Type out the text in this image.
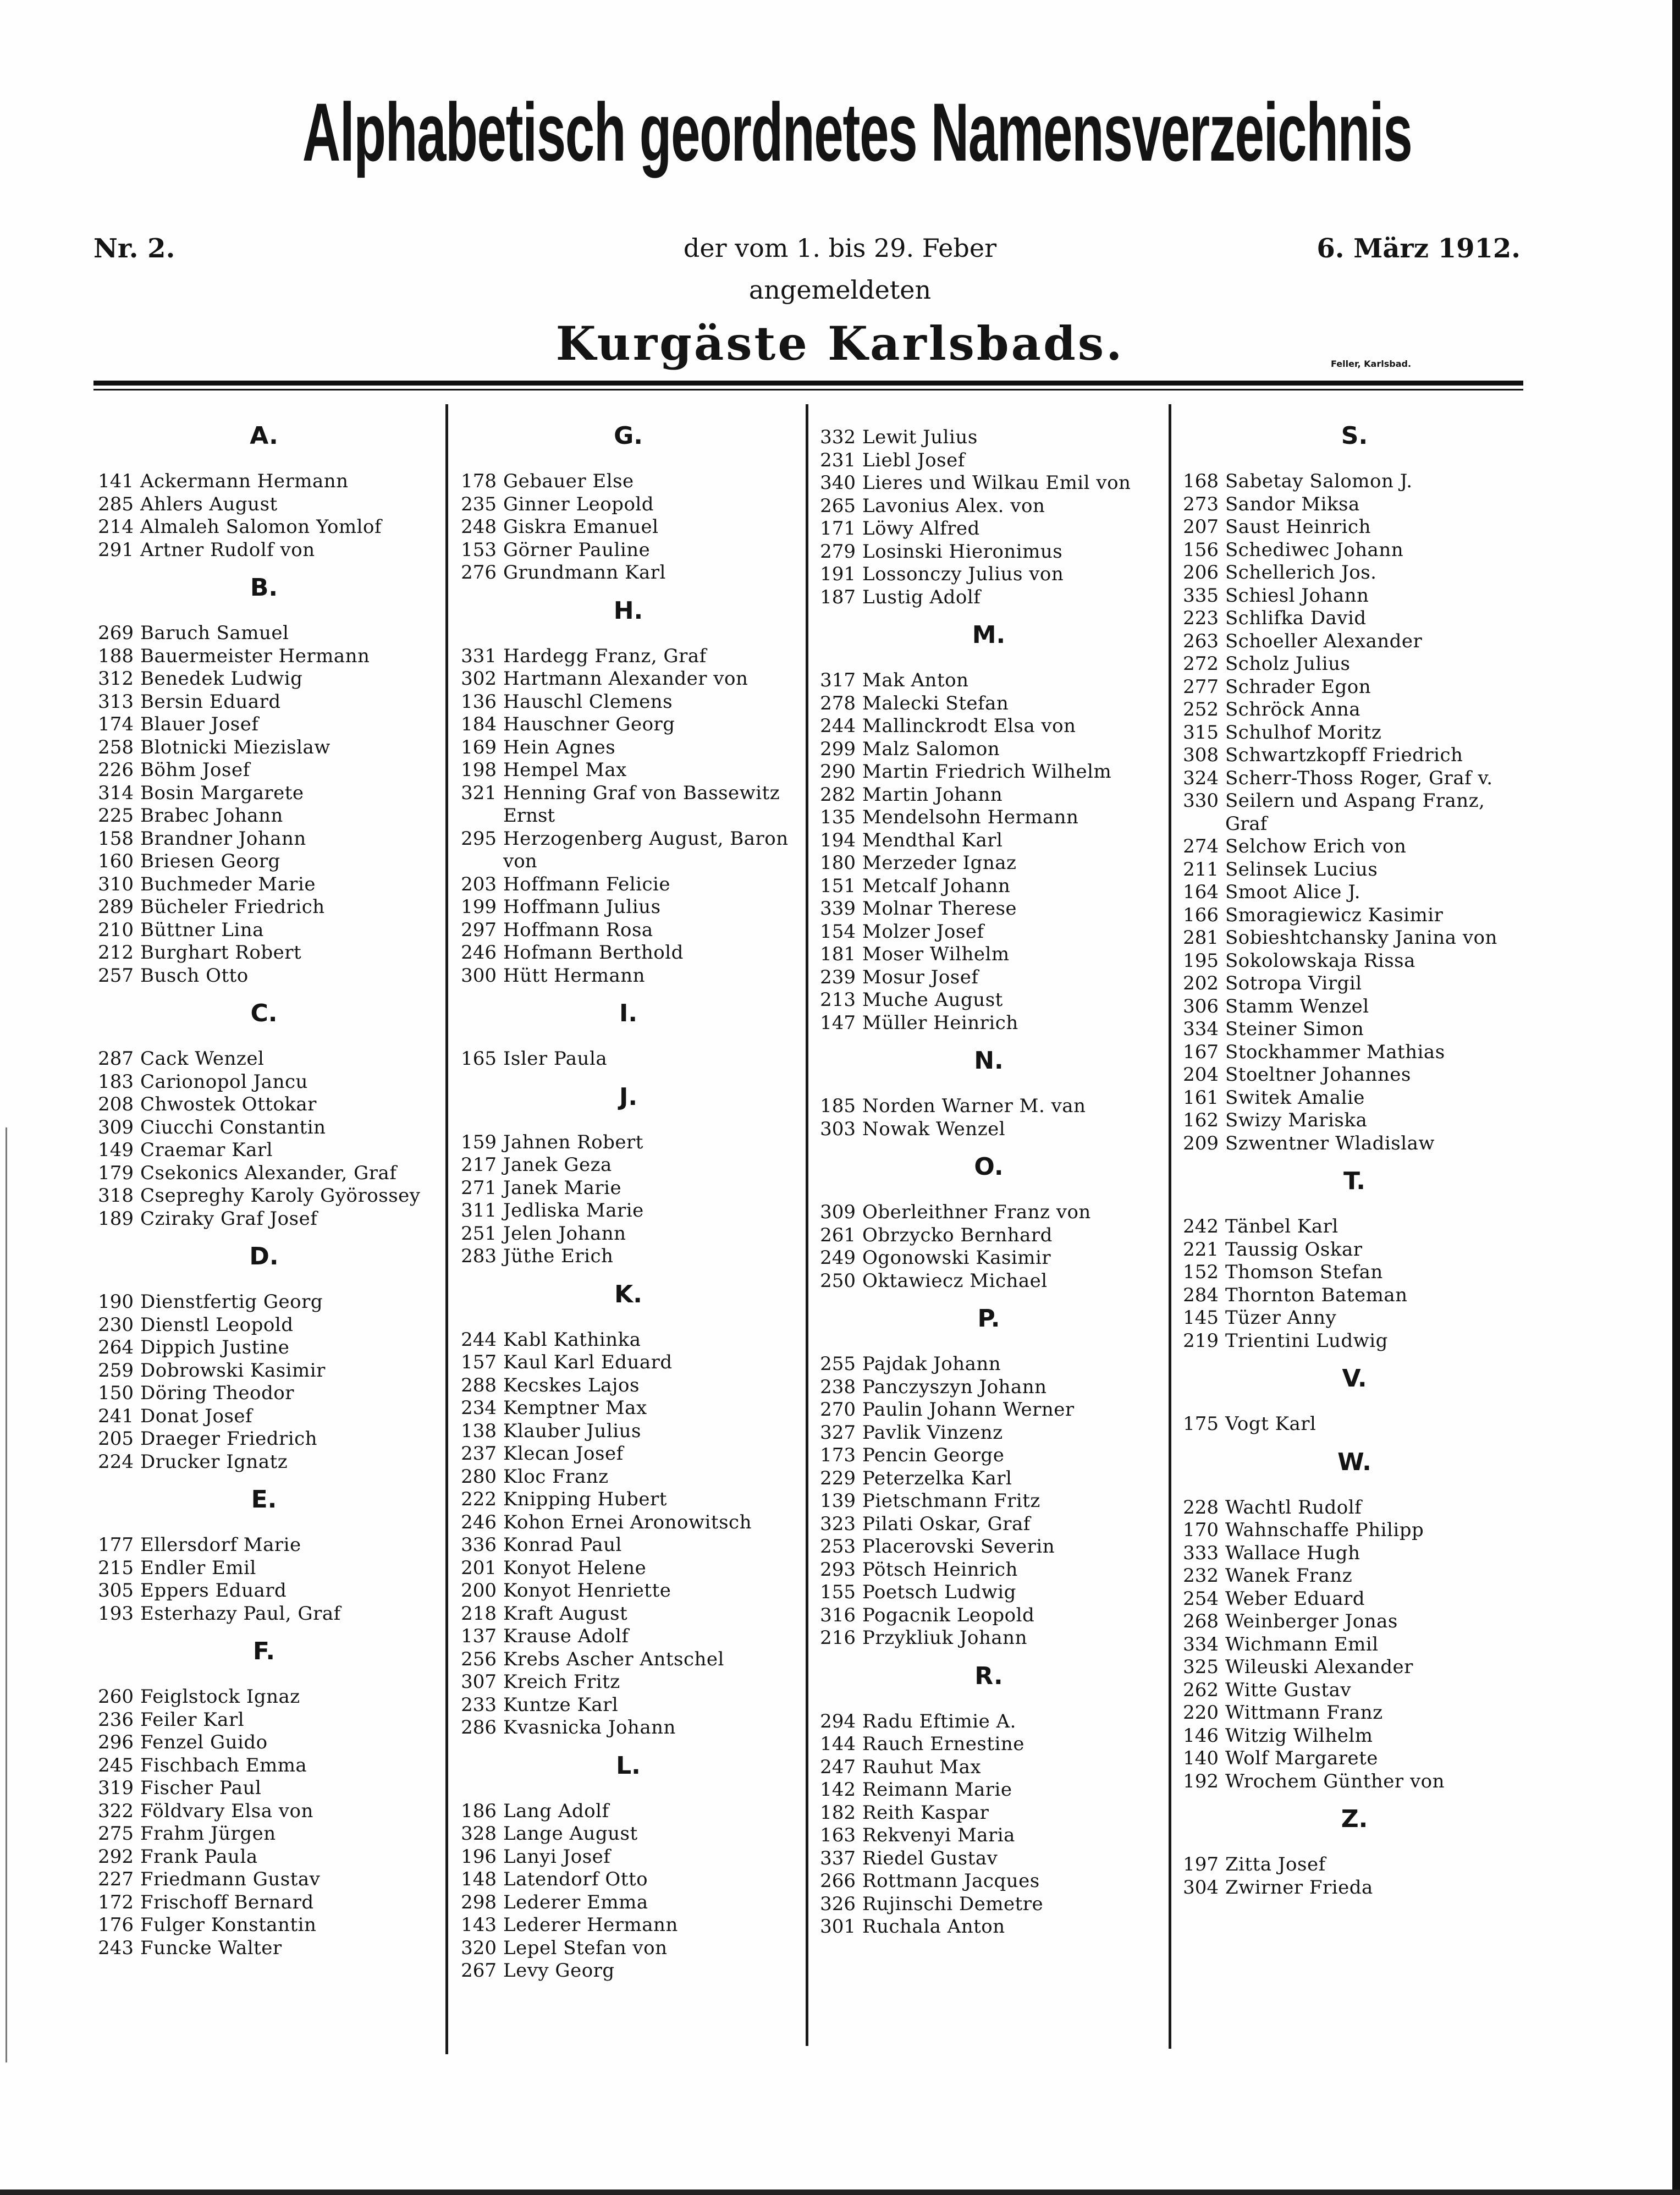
Alphabetisch geordnetes Namensverzeichnis
Nr. 2.	der vom 1. bis 29. Feber	6. März 1912.
angemeldeten
Kurgäste Karlsbads.	Feller, Karlsbad.
A.
141 Ackermann Hermann
285 Ahlers August
214 Almaleh Salomon Yomlof
291 Artner Rudolf von
B.
269 Baruch Samuel
188 Bauermeister Hermann
312 Benedek Ludwig
313 Bersin Eduard
174 Blauer Josef
258 Blotnicki Miezislaw
226 Böhm Josef
314 Bosin Margarete
225 Brabec Johann
158 Brandner Johann
160 Briesen Georg
310 Buchmeder Marie
289 Bücheler Friedrich
210 Büttner Lina
212 Burghart Robert
257 Busch Otto
C.
287 Cack Wenzel
183 Carionopol Jancu
208 Chwostek Ottokar
309 Ciucchi Constantin
149 Craemar Karl
179 Csekonics Alexander, Graf
318 Csepreghy Karoly Györossey
189 Cziraky Graf Josef
D.
190 Dienstfertig Georg
230 Dienstl Leopold
264 Dippich Justine
259 Dobrowski Kasimir
150 Döring Theodor
241 Donat Josef
205 Draeger Friedrich
224 Drucker Ignatz
E.
177 Ellersdorf Marie
215 Endler Emil
305 Eppers Eduard
193 Esterhazy Paul, Graf
F.
260 Feiglstock Ignaz
236 Feiler Karl
296 Fenzel Guido
245 Fischbach Emma
319 Fischer Paul
322 Földvary Elsa von
275 Frahm Jürgen
292 Frank Paula
227 Friedmann Gustav
172 Frischoff Bernard
176 Fulger Konstantin
243 Funcke Walter
G.
178 Gebauer Else
235 Ginner Leopold
248 Giskra Emanuel
153 Görner Pauline
276 Grundmann Karl
H.
331 Hardegg Franz, Graf
302 Hartmann Alexander von
136 Hauschl Clemens
184 Hauschner Georg
169 Hein Agnes
198 Hempel Max
321 Henning Graf von Bassewitz
Ernst
295 Herzogenberg August, Baron
von
203 Hoffmann Felicie
199 Hoffmann Julius
297 Hoffmann Rosa
246 Hofmann Berthold
300 Hütt Hermann
I.
165 Isler Paula
J.
159 Jahnen Robert
217 Janek Geza
271 Janek Marie
311 Jedliska Marie
251 Jelen Johann
283 Jüthe Erich
K.
244 Kabl Kathinka
157 Kaul Karl Eduard
288 Kecskes Lajos
234 Kemptner Max
138 Klauber Julius
237 Klecan Josef
280 Kloc Franz
222 Knipping Hubert
246 Kohon Ernei Aronowitsch
336 Konrad Paul
201 Konyot Helene
200 Konyot Henriette
218 Kraft August
137 Krause Adolf
256 Krebs Ascher Antschel
307 Kreich Fritz
233 Kuntze Karl
286 Kvasnicka Johann
L.
186 Lang Adolf
328 Lange August
196 Lanyi Josef
148 Latendorf Otto
298 Lederer Emma
143 Lederer Hermann
320 Lepel Stefan von
267 Levy Georg
332 Lewit Julius
231 Liebl Josef
340 Lieres und Wilkau Emil von
265 Lavonius Alex. von
171 Löwy Alfred
279 Losinski Hieronimus
191 Lossonczy Julius von
187 Lustig Adolf
M.
317 Mak Anton
278 Malecki Stefan
244 Mallinckrodt Elsa von
299 Malz Salomon
290 Martin Friedrich Wilhelm
282 Martin Johann
135 Mendelsohn Hermann
194 Mendthal Karl
180 Merzeder Ignaz
151 Metcalf Johann
339 Molnar Therese
154 Molzer Josef
181 Moser Wilhelm
239 Mosur Josef
213 Muche August
147 Müller Heinrich
N.
185 Norden Warner M. van
303 Nowak Wenzel
O.
309 Oberleithner Franz von
261 Obrzycko Bernhard
249 Ogonowski Kasimir
250 Oktawiecz Michael
P.
255 Pajdak Johann
238 Panczyszyn Johann
270 Paulin Johann Werner
327 Pavlik Vinzenz
173 Pencin George
229 Peterzelka Karl
139 Pietschmann Fritz
323 Pilati Oskar, Graf
253 Placerovski Severin
293 Pötsch Heinrich
155 Poetsch Ludwig
316 Pogacnik Leopold
216 Przykliuk Johann
R.
294 Radu Eftimie A.
144 Rauch Ernestine
247 Rauhut Max
142 Reimann Marie
182 Reith Kaspar
163 Rekvenyi Maria
337 Riedel Gustav
266 Rottmann Jacques
326 Rujinschi Demetre
301 Ruchala Anton
S.
168 Sabetay Salomon J.
273 Sandor Miksa
207 Saust Heinrich
156 Schediwec Johann
206 Schellerich Jos.
335 Schiesl Johann
223 Schlifka David
263 Schoeller Alexander
272 Scholz Julius
277 Schrader Egon
252 Schröck Anna
315 Schulhof Moritz
308 Schwartzkopff Friedrich
324 Scherr-Thoss Roger, Graf v.
330 Seilern und Aspang Franz,
Graf
274 Selchow Erich von
211 Selinsek Lucius
164 Smoot Alice J.
166 Smoragiewicz Kasimir
281 Sobieshtchansky Janina von
195 Sokolowskaja Rissa
202 Sotropa Virgil
306 Stamm Wenzel
334 Steiner Simon
167 Stockhammer Mathias
204 Stoeltner Johannes
161 Switek Amalie
162 Swizy Mariska
209 Szwentner Wladislaw
T.
242 Tänbel Karl
221 Taussig Oskar
152 Thomson Stefan
284 Thornton Bateman
145 Tüzer Anny
219 Trientini Ludwig
V.
175 Vogt Karl
W.
228 Wachtl Rudolf
170 Wahnschaffe Philipp
333 Wallace Hugh
232 Wanek Franz
254 Weber Eduard
268 Weinberger Jonas
334 Wichmann Emil
325 Wileuski Alexander
262 Witte Gustav
220 Wittmann Franz
146 Witzig Wilhelm
140 Wolf Margarete
192 Wrochem Günther von
Z.
197 Zitta Josef
304 Zwirner Frieda
